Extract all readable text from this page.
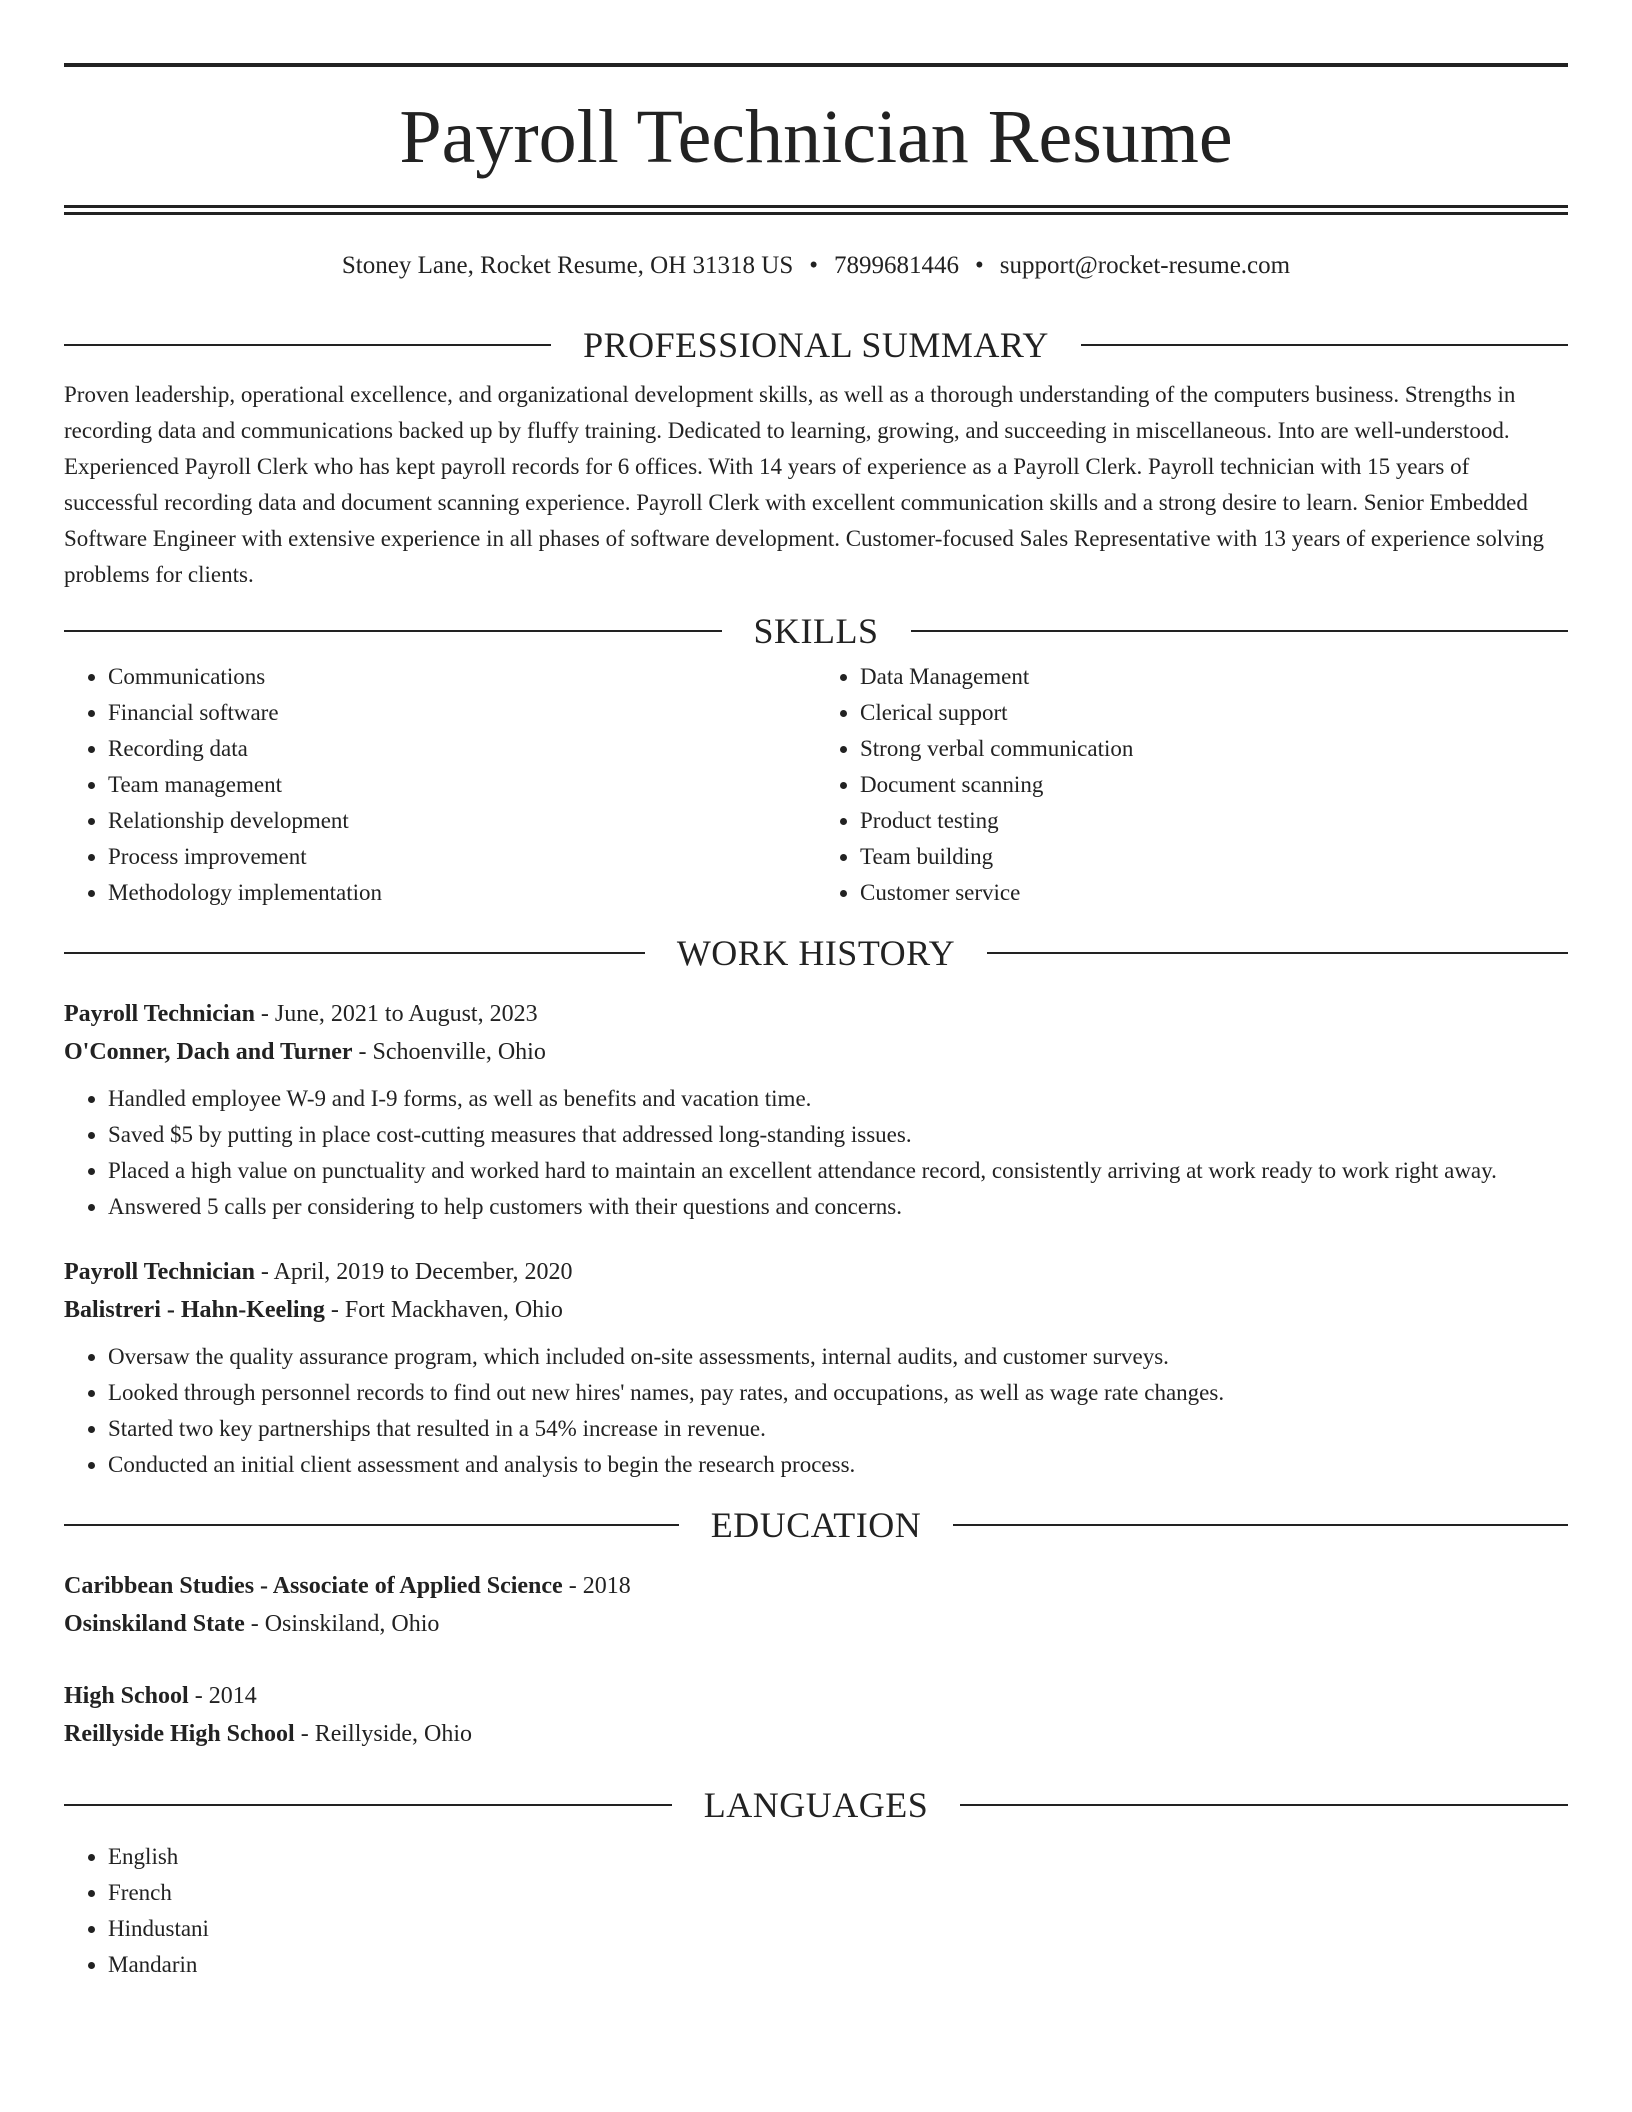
Payroll Technician Resume
Stoney Lane, Rocket Resume, OH 31318 US • 7899681446 • support@rocket-resume.com
PROFESSIONAL SUMMARY

Proven leadership, operational excellence, and organizational development skills, as well as a thorough understanding of the computers business. Strengths in recording data and communications backed up by fluffy training. Dedicated to learning, growing, and succeeding in miscellaneous. Into are well-understood. Experienced Payroll Clerk who has kept payroll records for 6 offices. With 14 years of experience as a Payroll Clerk. Payroll technician with 15 years of successful recording data and document scanning experience. Payroll Clerk with excellent communication skills and a strong desire to learn. Senior Embedded Software Engineer with extensive experience in all phases of software development. Customer-focused Sales Representative with 13 years of experience solving problems for clients.

SKILLS
• Communications
• Financial software
• Recording data
• Team management
• Relationship development
• Process improvement
• Methodology implementation
• Data Management
• Clerical support
• Strong verbal communication
• Document scanning
• Product testing
• Team building
• Customer service
WORK HISTORY
Payroll Technician - June, 2021 to August, 2023
O'Conner, Dach and Turner - Schoenville, Ohio
• Handled employee W-9 and I-9 forms, as well as benefits and vacation time.
• Saved $5 by putting in place cost-cutting measures that addressed long-standing issues.
• Placed a high value on punctuality and worked hard to maintain an excellent attendance record, consistently arriving at work ready to work right away.
• Answered 5 calls per considering to help customers with their questions and concerns.
Payroll Technician - April, 2019 to December, 2020
Balistreri - Hahn-Keeling - Fort Mackhaven, Ohio
• Oversaw the quality assurance program, which included on-site assessments, internal audits, and customer surveys.
• Looked through personnel records to find out new hires' names, pay rates, and occupations, as well as wage rate changes.
• Started two key partnerships that resulted in a 54% increase in revenue.
• Conducted an initial client assessment and analysis to begin the research process.
EDUCATION
Caribbean Studies - Associate of Applied Science - 2018
Osinskiland State - Osinskiland, Ohio
High School - 2014
Reillyside High School - Reillyside, Ohio
LANGUAGES
• English
• French
• Hindustani
• Mandarin
